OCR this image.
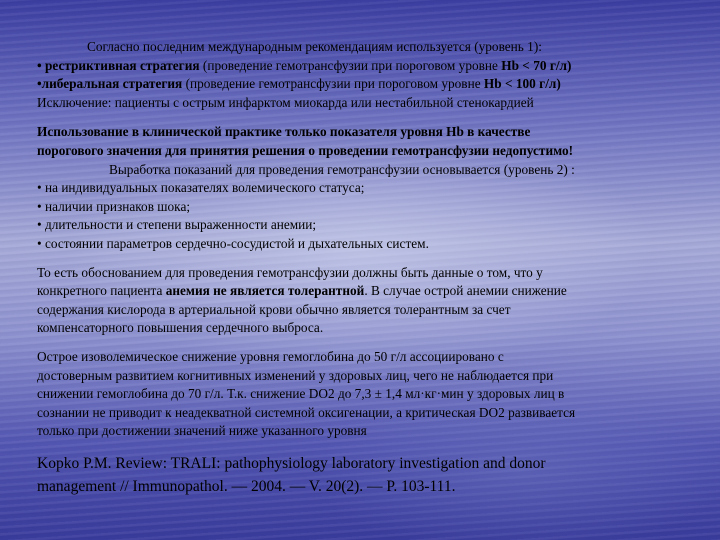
Согласно последним международным рекомендациям используется (уровень 1):
• рестриктивная стратегия (проведение гемотрансфузии при пороговом уровне Hb < 70 г/л)
•либеральная стратегия (проведение гемотрансфузии при пороговом уровне Hb < 100 г/л)
Исключение: пациенты с острым инфарктом миокарда или нестабильной стенокардией
Использование в клинической практике только показателя уровня Hb в качестве
порогового значения для принятия решения о проведении гемотрансфузии недопустимо!
Выработка показаний для проведения гемотрансфузии основывается (уровень 2) :
• на индивидуальных показателях волемического статуса;
• наличии признаков шока;
• длительности и степени выраженности анемии;
• состоянии параметров сердечно-сосудистой и дыхательных систем.
То есть обоснованием для проведения гемотрансфузии должны быть данные о том, что у
конкретного пациента анемия не является толерантной. В случае острой анемии снижение
содержания кислорода в артериальной крови обычно является толерантным за счет
компенсаторного повышения сердечного выброса.
Острое изоволемическое снижение уровня гемоглобина до 50 г/л ассоциировано с
достоверным развитием когнитивных изменений у здоровых лиц, чего не наблюдается при
снижении гемоглобина до 70 г/л. Т.к. снижение DO2 до 7,3 ± 1,4 мл·кг·мин у здоровых лиц в
сознании не приводит к неадекватной системной оксигенации, а критическая DO2 развивается
только при достижении значений ниже указанного уровня
Kopko P.M. Review: TRALI: pathophysiology laboratory investigation and donor
management // Immunopathol. — 2004. — V. 20(2). — P. 103-111.
